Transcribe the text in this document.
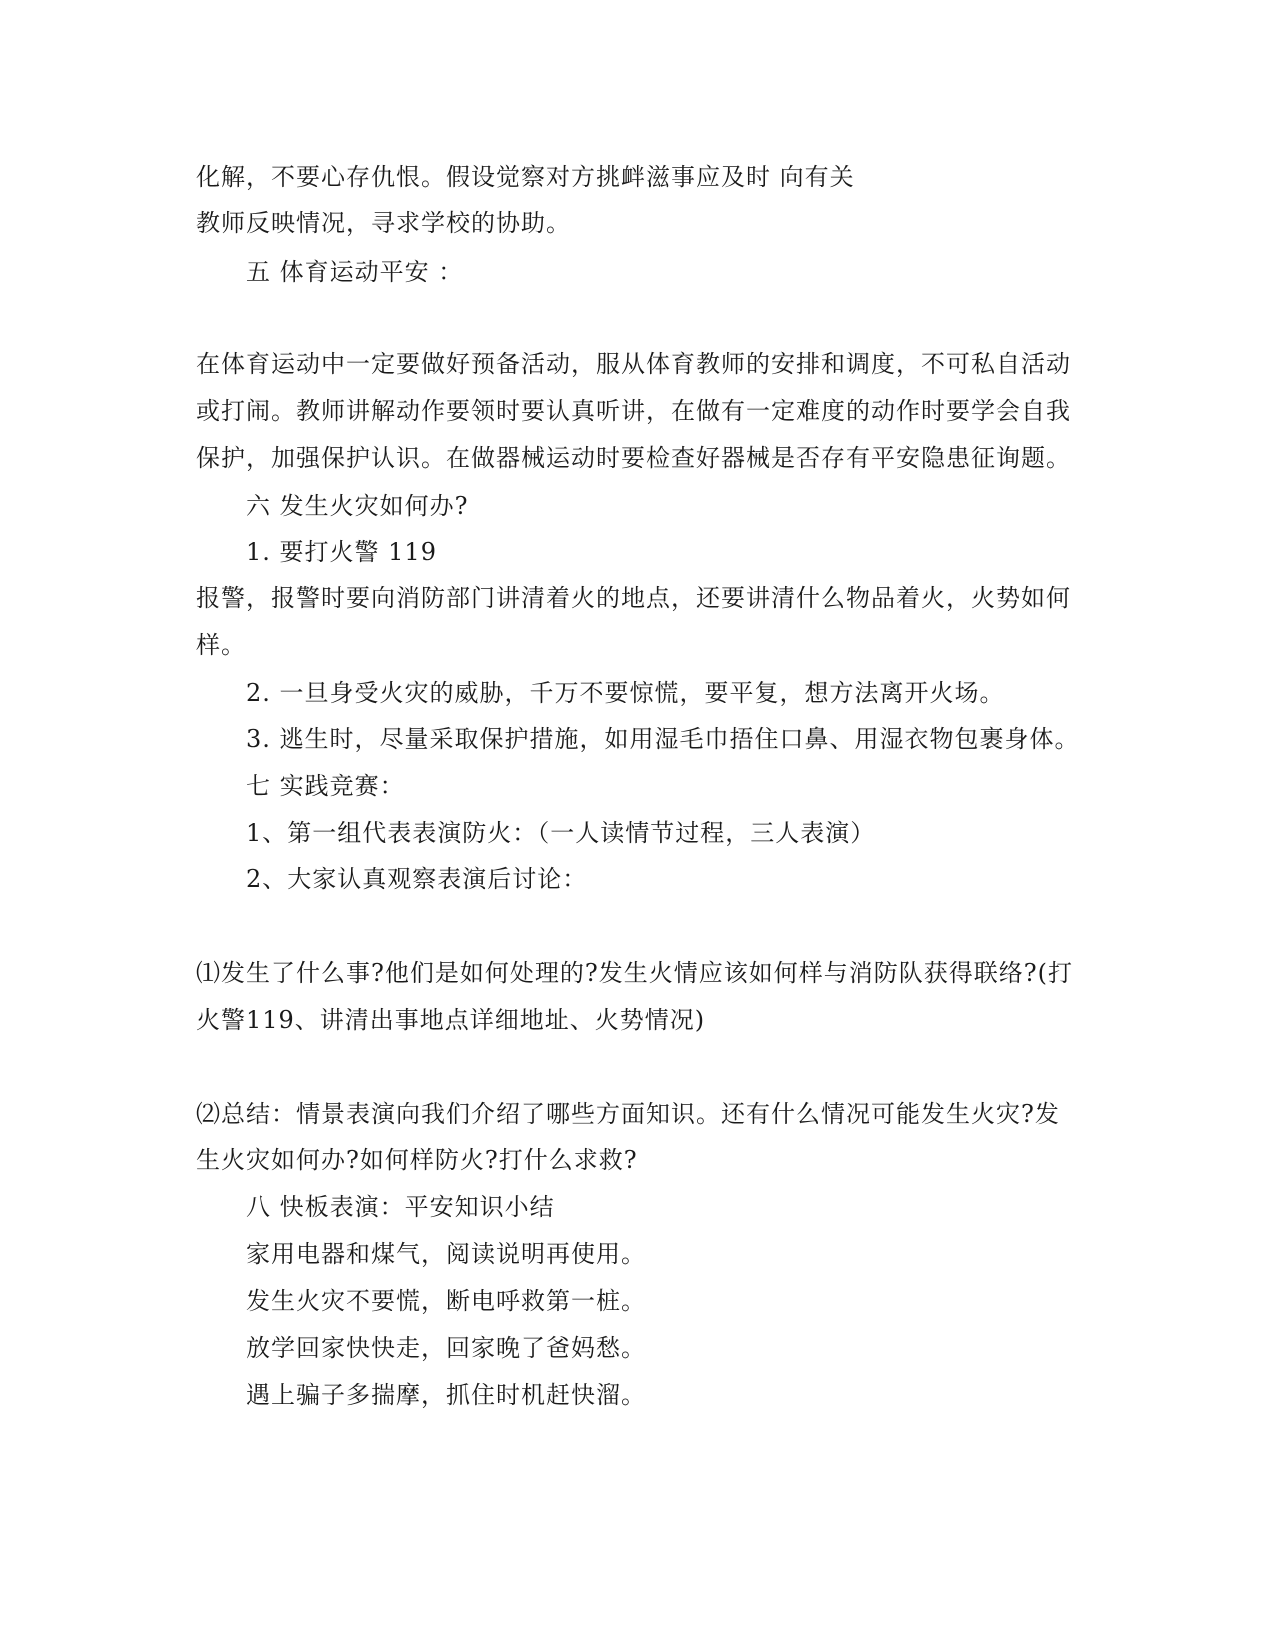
化解，不要心存仇恨。假设觉察对方挑衅滋事应及时 向有关
教师反映情况，寻求学校的协助。
五 体育运动平安 ：
在体育运动中一定要做好预备活动，服从体育教师的安排和调度，不可私自活动
或打闹。教师讲解动作要领时要认真听讲，在做有一定难度的动作时要学会自我
保护，加强保护认识。在做器械运动时要检查好器械是否存有平安隐患征询题。
六 发生火灾如何办?
1. 要打火警 119
报警，报警时要向消防部门讲清着火的地点，还要讲清什么物品着火，火势如何
样。
2. 一旦身受火灾的威胁，千万不要惊慌，要平复，想方法离开火场。
3. 逃生时，尽量采取保护措施，如用湿毛巾捂住口鼻、用湿衣物包裹身体。
七 实践竞赛：
1、第一组代表表演防火：（一人读情节过程，三人表演）
2、大家认真观察表演后讨论：
⑴发生了什么事?他们是如何处理的?发生火情应该如何样与消防队获得联络?(打
火警119、讲清出事地点详细地址、火势情况)
⑵总结：情景表演向我们介绍了哪些方面知识。还有什么情况可能发生火灾?发
生火灾如何办?如何样防火?打什么求救?
八 快板表演：平安知识小结
家用电器和煤气，阅读说明再使用。
发生火灾不要慌，断电呼救第一桩。
放学回家快快走，回家晚了爸妈愁。
遇上骗子多揣摩，抓住时机赶快溜。
